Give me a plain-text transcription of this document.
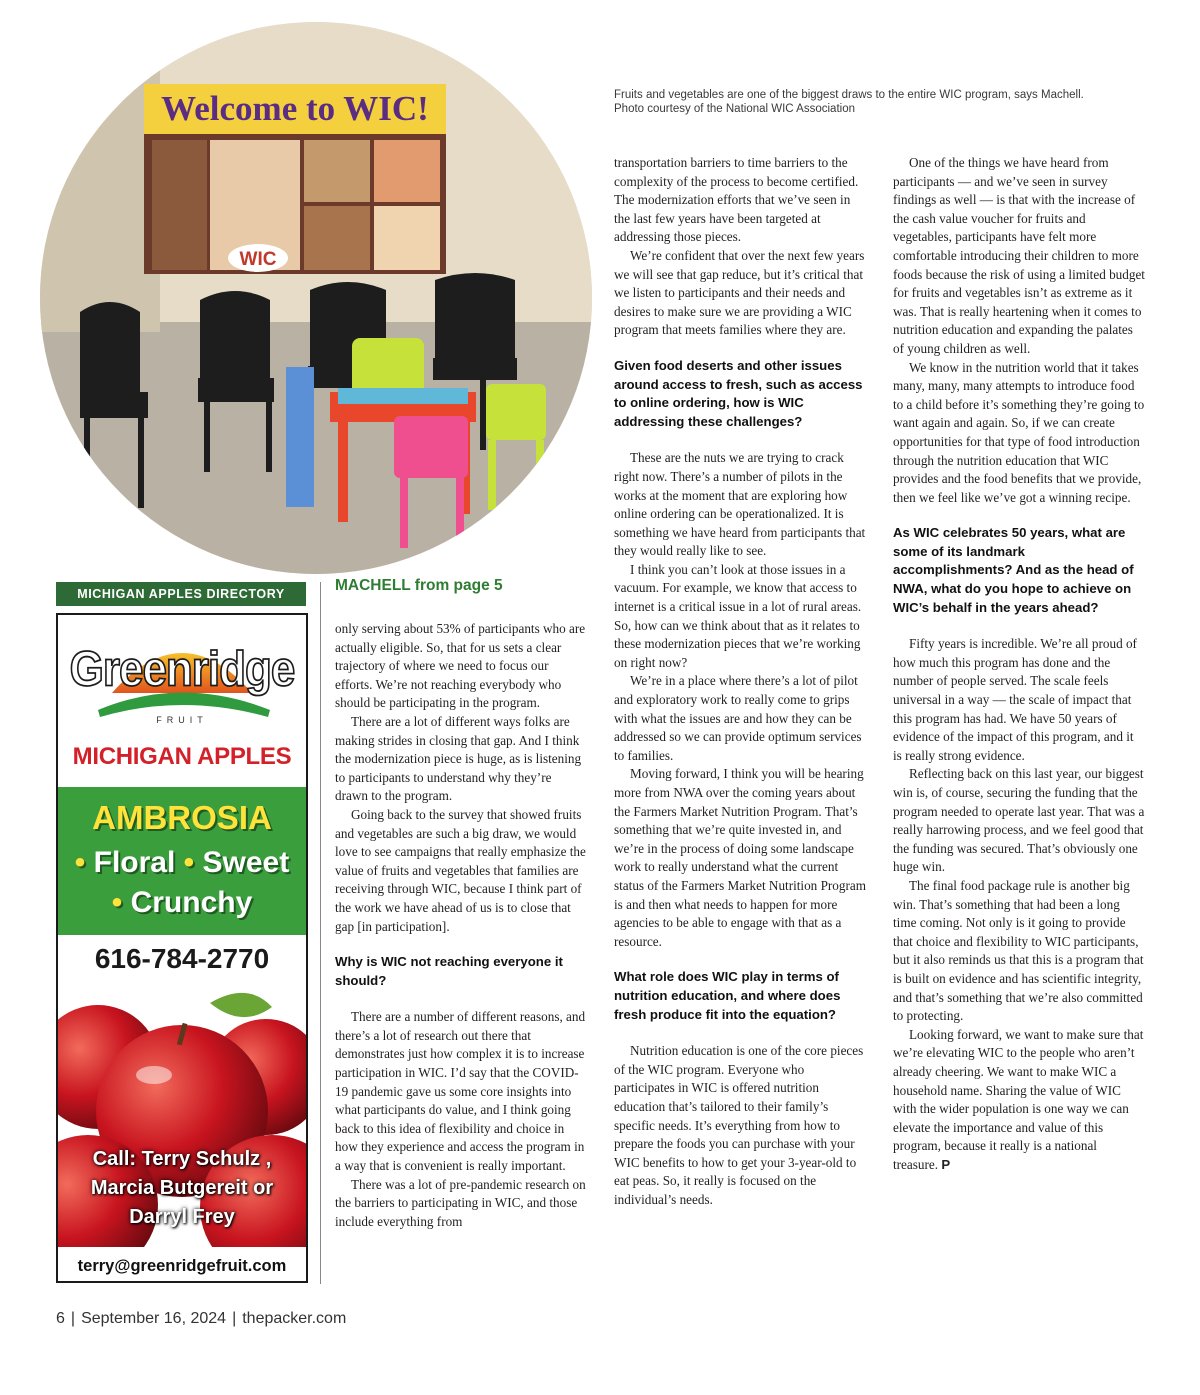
WIC
Welcome to WIC!	Fruits and vegetables are one of the biggest draws to the entire WIC program, says Machell.
Photo courtesy of the National WIC Association
MICHIGAN APPLES DIRECTORY
Greenridge
FRUIT
MICHIGAN APPLES
AMBROSIA
• Floral • Sweet
• Crunchy
616-784-2770
Call: Terry Schulz ,
Marcia Butgereit or
Darryl Frey
terry@greenridgefruit.com
MACHELL from page 5

only serving about 53% of participants who are actually eligible. So, that for us sets a clear trajectory of where we need to focus our efforts. We’re not reaching everybody who should be participating in the program.

There are a lot of different ways folks are making strides in closing that gap. And I think the modernization piece is huge, as is listening to participants to understand why they’re drawn to the program.

Going back to the survey that showed fruits and vegetables are such a big draw, we would love to see campaigns that really emphasize the value of fruits and vegetables that families are receiving through WIC, because I think part of the work we have ahead of us is to close that gap [in participation].

Why is WIC not reaching everyone it should?

There are a number of different reasons, and there’s a lot of research out there that demonstrates just how complex it is to increase participation in WIC. I’d say that the COVID-19 pandemic gave us some core insights into what participants do value, and I think going back to this idea of flexibility and choice in how they experience and access the program in a way that is convenient is really important.

There was a lot of pre-pandemic research on the barriers to participating in WIC, and those include everything from

transportation barriers to time barriers to the complexity of the process to become certified. The modernization efforts that we’ve seen in the last few years have been targeted at addressing those pieces.

We’re confident that over the next few years we will see that gap reduce, but it’s critical that we listen to participants and their needs and desires to make sure we are providing a WIC program that meets families where they are.

Given food deserts and other issues around access to fresh, such as access to online ordering, how is WIC addressing these challenges?

These are the nuts we are trying to crack right now. There’s a number of pilots in the works at the moment that are exploring how online ordering can be operationalized. It is something we have heard from participants that they would really like to see.

I think you can’t look at those issues in a vacuum. For example, we know that access to internet is a critical issue in a lot of rural areas. So, how can we think about that as it relates to these modernization pieces that we’re working on right now?

We’re in a place where there’s a lot of pilot and exploratory work to really come to grips with what the issues are and how they can be addressed so we can provide optimum services to families.

Moving forward, I think you will be hearing more from NWA over the coming years about the Farmers Market Nutrition Program. That’s something that we’re quite invested in, and we’re in the process of doing some landscape work to really understand what the current status of the Farmers Market Nutrition Program is and then what needs to happen for more agencies to be able to engage with that as a resource.

What role does WIC play in terms of nutrition education, and where does fresh produce fit into the equation?

Nutrition education is one of the core pieces of the WIC program. Everyone who participates in WIC is offered nutrition education that’s tailored to their family’s specific needs. It’s everything from how to prepare the foods you can purchase with your WIC benefits to how to get your 3-year-old to eat peas. So, it really is focused on the individual’s needs.

One of the things we have heard from participants — and we’ve seen in survey findings as well — is that with the increase of the cash value voucher for fruits and vegetables, participants have felt more comfortable introducing their children to more foods because the risk of using a limited budget for fruits and vegetables isn’t as extreme as it was. That is really heartening when it comes to nutrition education and expanding the palates of young children as well.

We know in the nutrition world that it takes many, many, many attempts to introduce food to a child before it’s something they’re going to want again and again. So, if we can create opportunities for that type of food introduction through the nutrition education that WIC provides and the food benefits that we provide, then we feel like we’ve got a winning recipe.

As WIC celebrates 50 years, what are some of its landmark accomplishments? And as the head of NWA, what do you hope to achieve on WIC’s behalf in the years ahead?

Fifty years is incredible. We’re all proud of how much this program has done and the number of people served. The scale feels universal in a way — the scale of impact that this program has had. We have 50 years of evidence of the impact of this program, and it is really strong evidence.

Reflecting back on this last year, our biggest win is, of course, securing the funding that the program needed to operate last year. That was a really harrowing process, and we feel good that the funding was secured. That’s obviously one huge win.

The final food package rule is another big win. That’s something that had been a long time coming. Not only is it going to provide that choice and flexibility to WIC participants, but it also reminds us that this is a program that is built on evidence and has scientific integrity, and that’s something that we’re also committed to protecting.

Looking forward, we want to make sure that we’re elevating WIC to the people who aren’t already cheering. We want to make WIC a household name. Sharing the value of WIC with the wider population is one way we can elevate the importance and value of this program, because it really is a national treasure. P

6 | September 16, 2024 | thepacker.com
